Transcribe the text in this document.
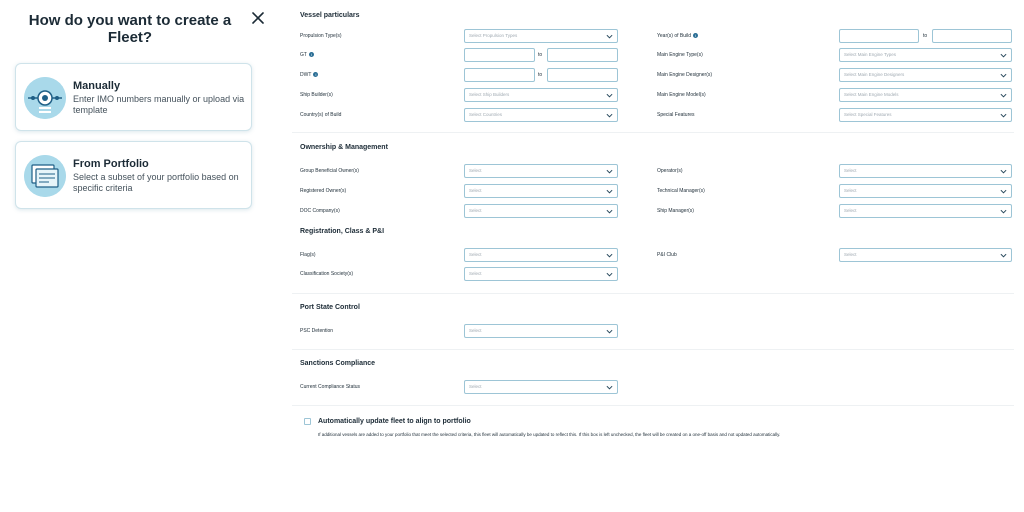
How do you want to create a Fleet?
Manually
Enter IMO numbers manually or upload via template
From Portfolio
Select a subset of your portfolio based on specific criteria
Vessel particulars
Propulsion Type(s)	Select Propulsion Types
GT i	to
DWT i	to
Ship Builder(s)	Select Ship Builders
Country(s) of Build	Select Countries
Year(s) of Build i	to
Main Engine Type(s)	Select Main Engine Types
Main Engine Designer(s)	Select Main Engine Designers
Main Engine Model(s)	Select Main Engine Models
Special Features	Select Special Features
Ownership & Management
Group Beneficial Owner(s)	Select
Registered Owner(s)	Select
DOC Company(s)	Select
Operator(s)	Select
Technical Manager(s)	Select
Ship Manager(s)	Select
Registration, Class & P&I
Flag(s)	Select
Classification Society(s)	Select
P&I Club	Select
Port State Control
PSC Detention	Select
Sanctions Compliance
Current Compliance Status	Select
Automatically update fleet to align to portfolio
If additional vessels are added to your portfolio that meet the selected criteria, this fleet will automatically be updated to reflect this. If this box is left unchecked, the fleet will be created on a one-off basis and not updated automatically.
